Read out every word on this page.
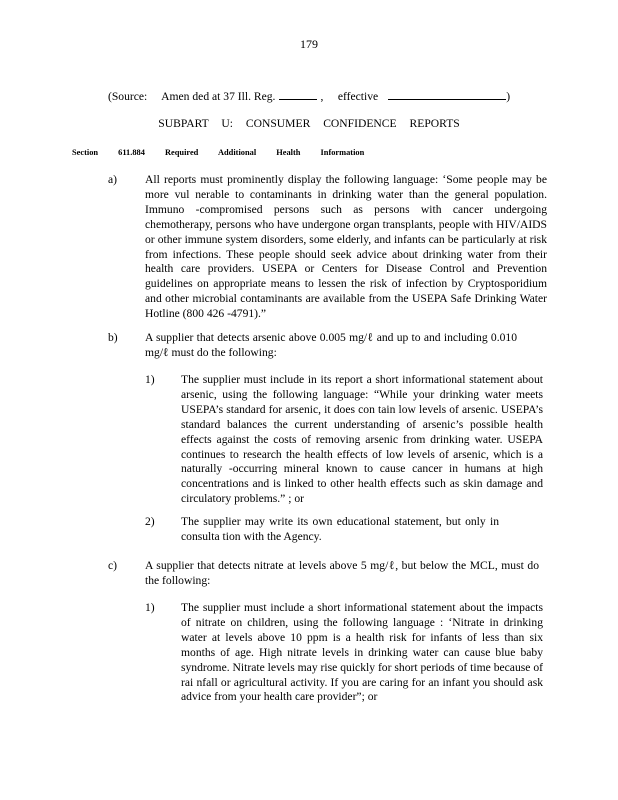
179
(Source: Amen ded at 37 Ill. Reg.	,     effective	)
SUBPART U: CONSUMER CONFIDENCE REPORTS
Section 611.884 Required Additional Health Information
a) All reports must prominently display the following language: ‘Some people may be more vul nerable to contaminants in drinking water than the general population. Immuno -compromised persons such as persons with cancer undergoing chemotherapy, persons who have undergone organ transplants, people with HIV/AIDS or other immune system disorders, some elderly, and infants can be particularly at risk from infections. These people should seek advice about drinking water from their health care providers. USEPA or Centers for Disease Control and Prevention guidelines on appropriate means to lessen the risk of infection by Cryptosporidium and other microbial contaminants are available from the USEPA Safe Drinking Water Hotline (800 426 -4791).”

b) A supplier that detects arsenic above 0.005 mg/ℓ and up to and including 0.010 mg/ℓ must do the following:

1) The supplier must include in its report a short informational statement about arsenic, using the following language: “While your drinking water meets USEPA’s standard for arsenic, it does con tain low levels of arsenic. USEPA’s standard balances the current understanding of arsenic’s possible health effects against the costs of removing arsenic from drinking water. USEPA continues to research the health effects of low levels of arsenic, which is a naturally -occurring mineral known to cause cancer in humans at high concentrations and is linked to other health effects such as skin damage and circulatory problems.” ; or

2) The supplier may write its own educational statement, but only in consulta tion with the Agency.

c) A supplier that detects nitrate at levels above 5 mg/ℓ, but below the MCL, must do the following:

1) The supplier must include a short informational statement about the impacts of nitrate on children, using the following language : ‘Nitrate in drinking water at levels above 10 ppm is a health risk for infants of less than six months of age. High nitrate levels in drinking water can cause blue baby syndrome. Nitrate levels may rise quickly for short periods of time because of rai nfall or agricultural activity. If you are caring for an infant you should ask advice from your health care provider”; or
